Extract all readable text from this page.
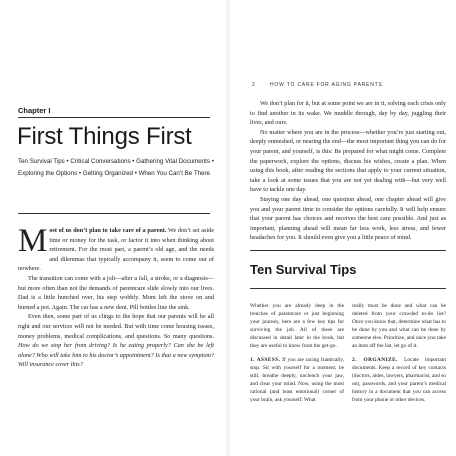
Chapter I

First Things First

Ten Survival Tips • Critical Conversations • Gathering Vital Documents • Exploring the Options • Getting Organized • When You Can’t Be There

Most of us don’t plan to take care of a parent. We don’t set aside time or money for the task, or factor it into when thinking about retirement. For the most part, a parent’s old age, and the needs and dilemmas that typically accompany it, seem to come out of nowhere.

The transition can come with a jolt—after a fall, a stroke, or a diagnosis—but more often than not the demands of parentcare slide slowly into our lives. Dad is a little hunched over, his step wobbly. Mom left the stove on and burned a pot. Again. The car has a new dent. Pill bottles line the sink.

Even then, some part of us clings to the hope that our parents will be all right and our services will not be needed. But with time come housing issues, money problems, medical complications, and questions. So many questions. How do we stop her from driving? Is he eating properly? Can she be left alone? Who will take him to his doctor’s appointment? Is that a new symptom? Will insurance cover this?

2	HOW TO CARE FOR AGING PARENTS

We don’t plan for it, but at some point we are in it, solving each crisis only to find another in its wake. We muddle through, day by day, juggling their lives, and ours.

No matter where you are in the process—whether you’re just starting out, deeply enmeshed, or nearing the end—the most important thing you can do for your parent, and yourself, is this: Be prepared for what might come. Complete the paperwork, explore the options, discuss his wishes, create a plan. When using this book, after reading the sections that apply to your current situation, take a look at some issues that you are not yet dealing with—but very well have to tackle one day.

Staying one day ahead, one question ahead, one chapter ahead will give you and your parent time to consider the options carefully. It will help ensure that your parent has choices and receives the best care possible. And just as important, planning ahead will mean far less work, less stress, and fewer headaches for you. It should even give you a little peace of mind.

Ten Survival Tips

Whether you are already deep in the trenches of parentcare or just beginning your journey, here are a few key tips for surviving the job. All of these are discussed in detail later in the book, but they are useful to know from the get-go.

1. ASSESS. If you are racing frantically, stop. Sit with yourself for a moment, be still, breathe deeply, unclench your jaw, and clear your mind. Now, using the most rational (and least emotional) corner of your brain, ask yourself: What

really must be done and what can be deleted from your crowded to-do list? Once you know that, determine what has to be done by you and what can be done by someone else. Prioritize, and once you take an item off the list, let go of it.

2. ORGANIZE. Locate important documents. Keep a record of key contacts (doctors, aides, lawyers, pharmacist, and so on), passwords, and your parent’s medical history in a document that you can access from your phone or other devices.
